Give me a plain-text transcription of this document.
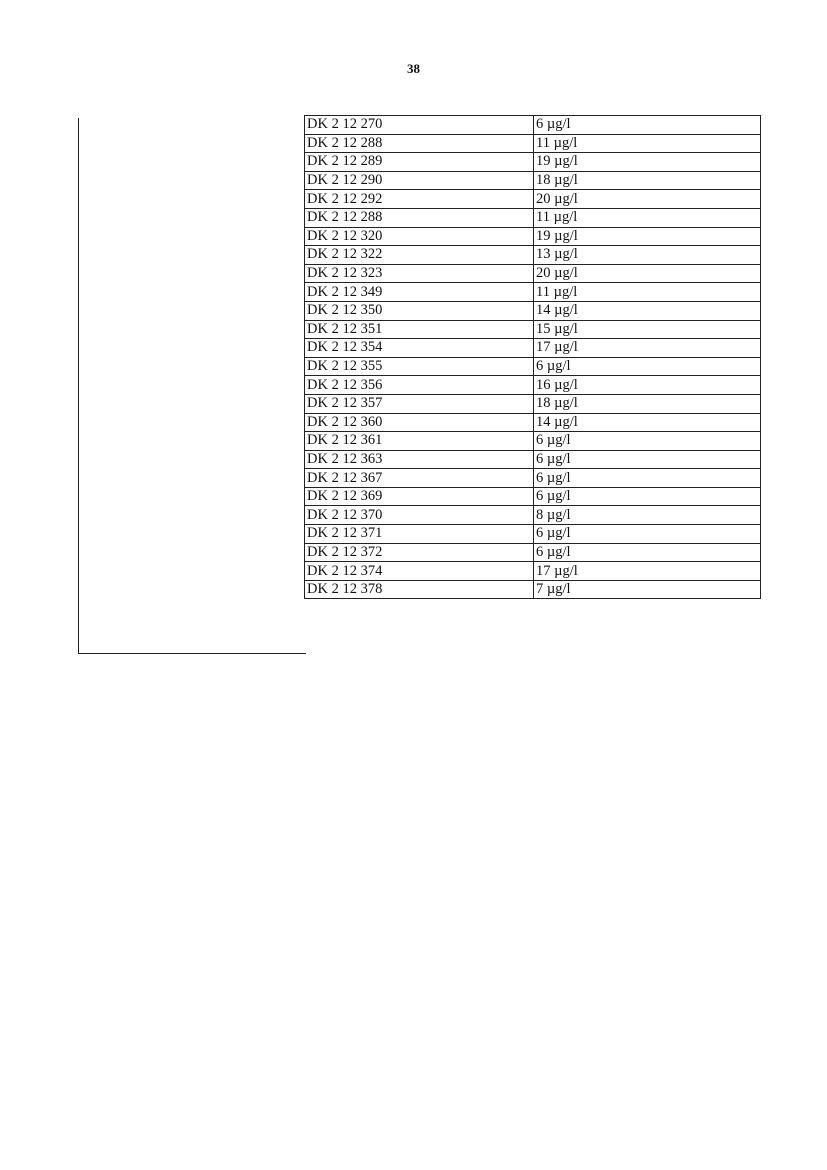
38
DK 2 12 270	6 µg/l
DK 2 12 288	11 µg/l
DK 2 12 289	19 µg/l
DK 2 12 290	18 µg/l
DK 2 12 292	20 µg/l
DK 2 12 288	11 µg/l
DK 2 12 320	19 µg/l
DK 2 12 322	13 µg/l
DK 2 12 323	20 µg/l
DK 2 12 349	11 µg/l
DK 2 12 350	14 µg/l
DK 2 12 351	15 µg/l
DK 2 12 354	17 µg/l
DK 2 12 355	6 µg/l
DK 2 12 356	16 µg/l
DK 2 12 357	18 µg/l
DK 2 12 360	14 µg/l
DK 2 12 361	6 µg/l
DK 2 12 363	6 µg/l
DK 2 12 367	6 µg/l
DK 2 12 369	6 µg/l
DK 2 12 370	8 µg/l
DK 2 12 371	6 µg/l
DK 2 12 372	6 µg/l
DK 2 12 374	17 µg/l
DK 2 12 378	7 µg/l
